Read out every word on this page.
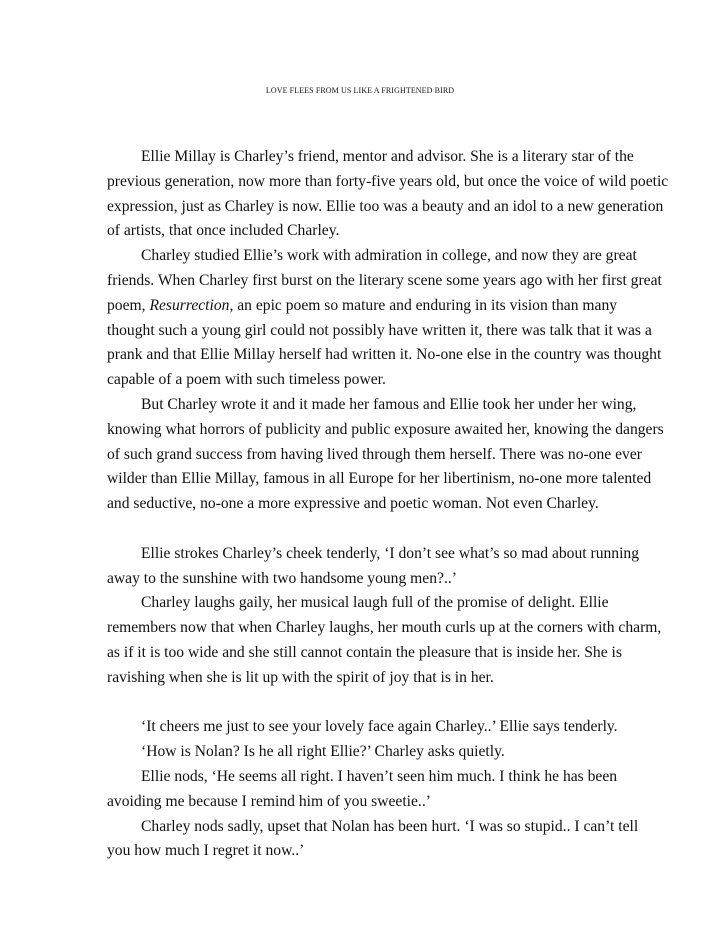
LOVE FLEES FROM US LIKE A FRIGHTENED BIRD

Ellie Millay is Charley’s friend, mentor and advisor. She is a literary star of the

previous generation, now more than forty-five years old, but once the voice of wild poetic
expression, just as Charley is now. Ellie too was a beauty and an idol to a new generation
of artists, that once included Charley.

Charley studied Ellie’s work with admiration in college, and now they are great

friends. When Charley first burst on the literary scene some years ago with her first great
poem, Resurrection, an epic poem so mature and enduring in its vision than many
thought such a young girl could not possibly have written it, there was talk that it was a
prank and that Ellie Millay herself had written it. No-one else in the country was thought
capable of a poem with such timeless power.

But Charley wrote it and it made her famous and Ellie took her under her wing,

knowing what horrors of publicity and public exposure awaited her, knowing the dangers
of such grand success from having lived through them herself. There was no-one ever
wilder than Ellie Millay, famous in all Europe for her libertinism, no-one more talented
and seductive, no-one a more expressive and poetic woman. Not even Charley.

Ellie strokes Charley’s cheek tenderly, ‘I don’t see what’s so mad about running

away to the sunshine with two handsome young men?..’

Charley laughs gaily, her musical laugh full of the promise of delight. Ellie

remembers now that when Charley laughs, her mouth curls up at the corners with charm,
as if it is too wide and she still cannot contain the pleasure that is inside her. She is
ravishing when she is lit up with the spirit of joy that is in her.

‘It cheers me just to see your lovely face again Charley..’ Ellie says tenderly.

‘How is Nolan? Is he all right Ellie?’ Charley asks quietly.

Ellie nods, ‘He seems all right. I haven’t seen him much. I think he has been

avoiding me because I remind him of you sweetie..’

Charley nods sadly, upset that Nolan has been hurt. ‘I was so stupid.. I can’t tell

you how much I regret it now..’
